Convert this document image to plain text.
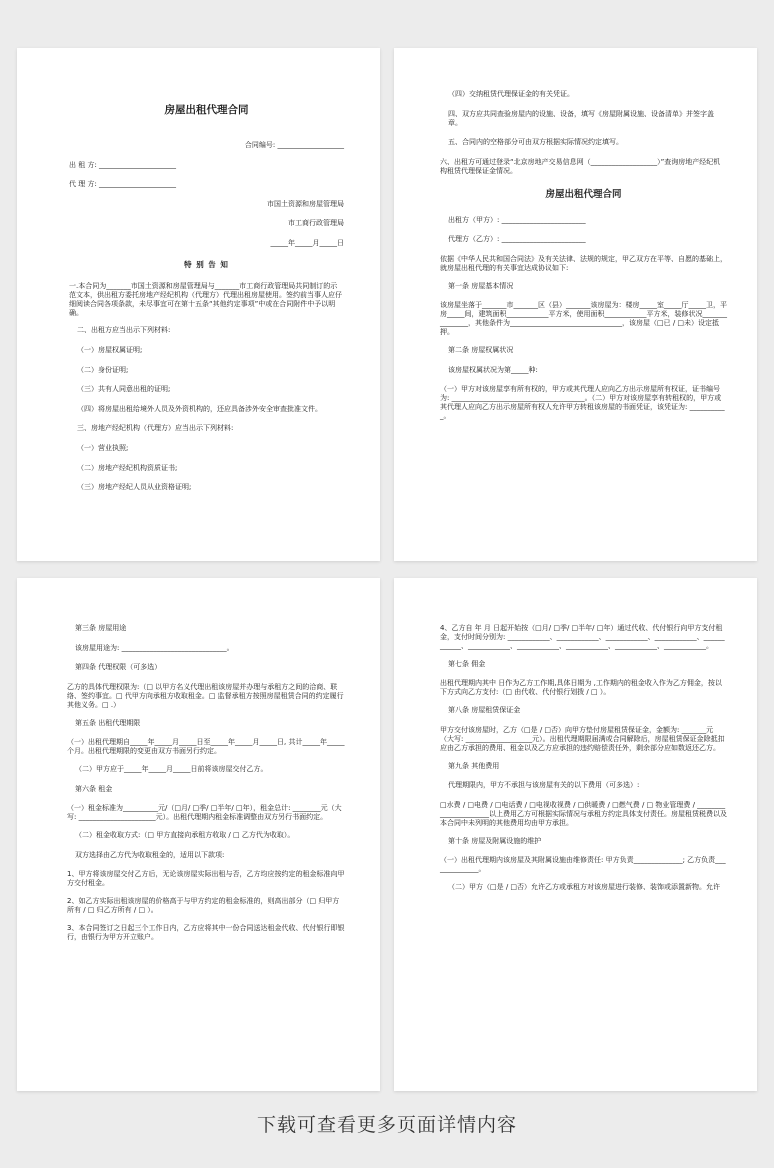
房屋出租代理合同
合同编号: ___________________
出 租 方: ______________________
代 理 方: ______________________
市国土资源和房屋管理局
市工商行政管理局
_____年_____月_____日
特 别 告 知
一.本合同为_______市国土资源和房屋管理局与_______市工商行政管理局共同制订的示范文本，供出租方委托房地产经纪机构（代理方）代理出租房屋使用。签约前当事人应仔细阅读合同各项条款，未尽事宜可在第十五条“其他约定事项”中或在合同附件中予以明确。
二、出租方应当出示下列材料:
（一）房屋权属证明;
（二）身份证明;
（三）共有人同意出租的证明;
（四）将房屋出租给境外人员及外资机构的，还应具备涉外安全审查批准文件。
三、房地产经纪机构（代理方）应当出示下列材料:
（一）营业执照;
（二）房地产经纪机构资质证书;
（三）房地产经纪人员从业资格证明;
（四）交纳租赁代理保证金的有关凭证。
四、双方应共同查验房屋内的设施、设备，填写《房屋附属设施、设备清单》并签字盖章。
五、合同内的空格部分可由双方根据实际情况约定填写。
六、出租方可通过登录“北京房地产交易信息网（___________________）”查询房地产经纪机构租赁代理保证金情况。
房屋出租代理合同
出租方（甲方）: ________________________
代理方（乙方）: ________________________
依据《中华人民共和国合同法》及有关法律、法规的规定，甲乙双方在平等、自愿的基础上，就房屋出租代理的有关事宜达成协议如下:
第一条 房屋基本情况
该房屋坐落于_______市_______区（县）_______该房屋为：楼房_____室_____厅_____卫，平房_____间，建筑面积____________平方米，使用面积____________平方米，装修状况_______________，其他条件为________________________________，该房屋（□已 / □未）设定抵押。
第二条 房屋权属状况
该房屋权属状况为第_____种:
（一）甲方对该房屋享有所有权的，甲方或其代理人应向乙方出示房屋所有权证，证书编号为: ______________________________________。（二）甲方对该房屋享有转租权的，甲方或其代理人应向乙方出示房屋所有权人允许甲方转租该房屋的书面凭证，该凭证为: ___________。
第三条 房屋用途
该房屋用途为: ______________________________。
第四条 代理权限（可多选）
乙方的具体代理权限为:（□ 以甲方名义代理出租该房屋并办理与承租方之间的洽商、联络、签约事宜。□ 代甲方向承租方收取租金。□ 监督承租方按照房屋租赁合同的约定履行其他义务。□ .）
第五条 出租代理期限
（一）出租代理期自_____年_____月_____日至_____年_____月_____日, 共计_____年_____个月。出租代理期限的变更由双方书面另行约定。
（二）甲方应于_____年_____月_____日前将该房屋交付乙方。
第六条 租金
（一）租金标准为__________元/（□月/ □季/ □半年/ □年），租金总计: ________元（大写: ______________________元）。出租代理期内租金标准调整由双方另行书面约定。
（二）租金收取方式:（□ 甲方直接向承租方收取 / □ 乙方代为收取）。
双方选择由乙方代为收取租金的，适用以下款项:
1、甲方将该房屋交付乙方后，无论该房屋实际出租与否，乙方均应按约定的租金标准向甲方交付租金。
2、如乙方实际出租该房屋的价格高于与甲方约定的租金标准的，则高出部分（□ 归甲方所有 / □ 归乙方所有 / □ ）。
3、本合同签订之日起三个工作日内，乙方应将其中一份合同送达租金代收、代付银行即银行，由银行为甲方开立账户。
4、乙方自 年 月 日起开始按（□月/ □季/ □半年/ □年）通过代收、代付银行向甲方支付租金，支付时间分别为: ____________、____________、____________、____________、____________、____________、____________、____________、____________、____________。
第七条 佣金
出租代理期内其中 日作为乙方工作期,具体日期为 ,工作期内的租金收入作为乙方佣金，按以下方式向乙方支付:（□ 由代收、代付银行划拨 / □ ）。
第八条 房屋租赁保证金
甲方交付该房屋时，乙方（□是 / □否）向甲方垫付房屋租赁保证金，金额为: _______元（大写: ___________________元）。出租代理期限届满或合同解除后，房屋租赁保证金除抵扣应由乙方承担的费用、租金以及乙方应承担的违约赔偿责任外，剩余部分应如数返还乙方。
第九条 其他费用
代理期限内，甲方不承担与该房屋有关的以下费用（可多选）:
□水费 / □电费 / □电话费 / □电视收视费 / □供暖费 / □燃气费 / □ 物业管理费 / ______________________以上费用乙方可根据实际情况与承租方约定具体支付责任。房屋租赁税费以及本合同中未列明的其他费用均由甲方承担。
第十条 房屋及附属设施的维护
（一）出租代理期内该房屋及其附属设施由维修责任: 甲方负责______________; 乙方负责______________。
（二）甲方（□是 / □否）允许乙方或承租方对该房屋进行装修、装饰或添置新物。允许
下载可查看更多页面详情内容
